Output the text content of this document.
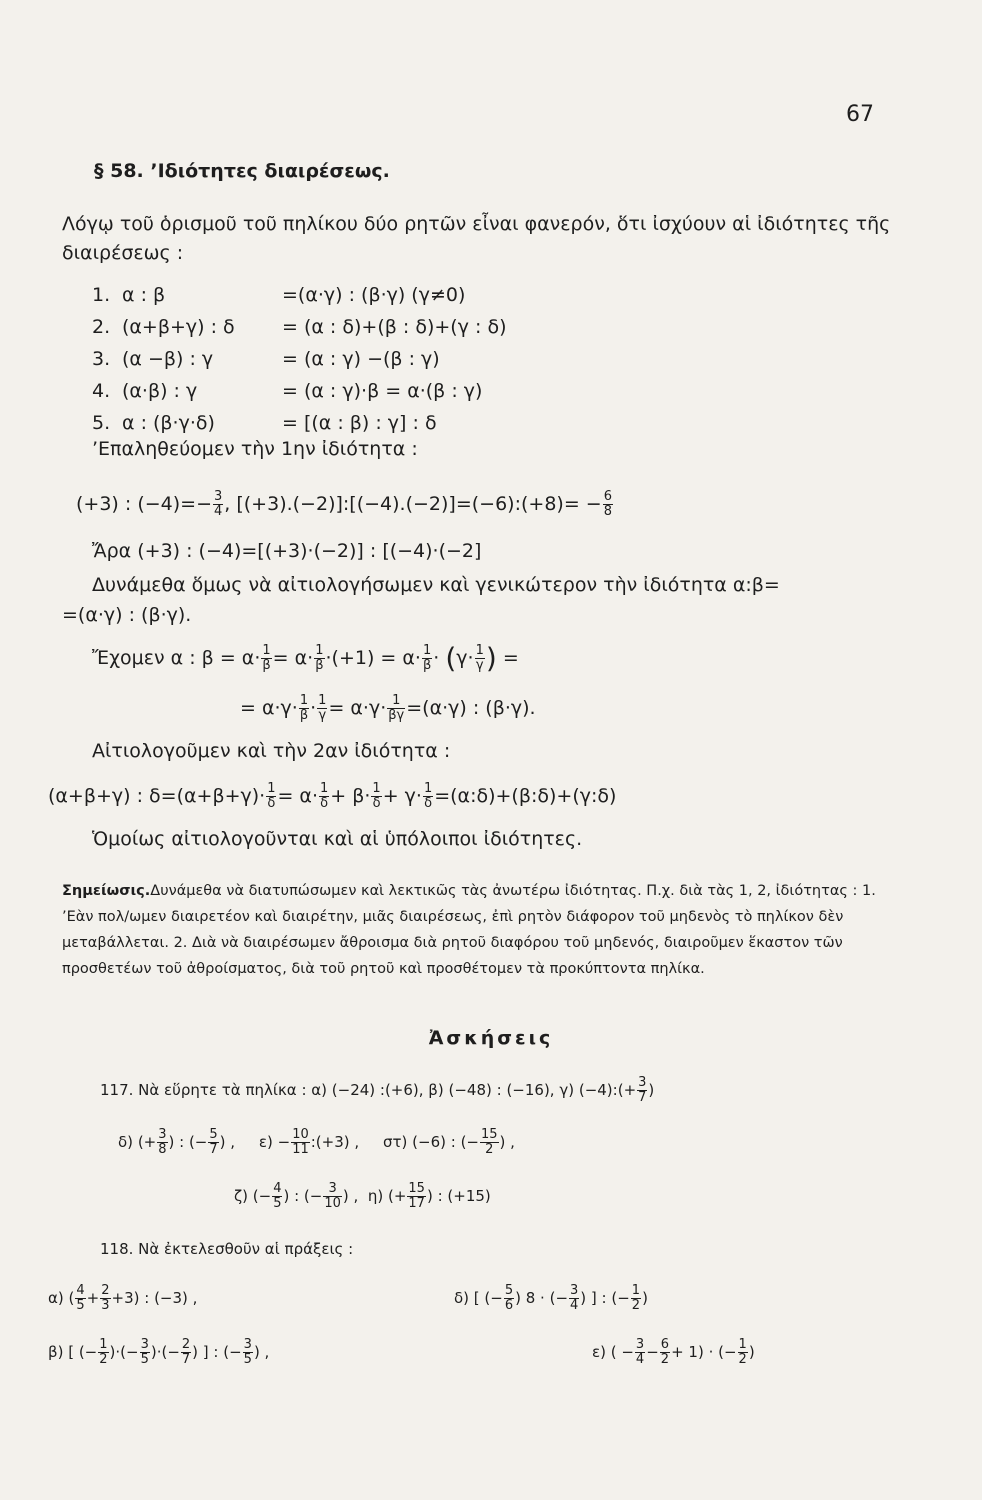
67
§ 58. ’Ιδιότητες διαιρέσεως.
Λόγῳ τοῦ ὁρισμοῦ τοῦ πηλίκου δύο ρητῶν εἶναι φανερόν, ὅτι ἰσχύουν αἱ ἰδιότητες τῆς διαιρέσεως :
1. α : β	=(α·γ) : (β·γ) (γ≠0)
2. (α+β+γ) : δ = (α : δ)+(β : δ)+(γ : δ)
3. (α −β) : γ	= (α : γ) −(β : γ)
4. (α·β) : γ	= (α : γ)·β = α·(β : γ)
5. α : (β·γ·δ)	= [(α : β) : γ] : δ
’Επαληθεύομεν τὴν 1ην ἰδιότητα :
(+3) : $(-4)=- \frac{3}{4}$ , [(+3).(−2)]:[(−4).(−2)]=(−6):(+8)= − $\frac{6}{8}$
Ἄρα (+3) : (−4)=[(+3)·(−2)] : [(−4)·(−2]
Δυνάμεθα ὅμως νὰ αἰτιολογήσωμεν καὶ γενικώτερον τὴν ἰδιότητα α:β=
=(α·γ) : (β·γ).
Ἔχομεν α : $\beta = \alpha\cdot \frac{1}{\beta} = \alpha\cdot \frac{1}{\beta} \cdot(+1) = \alpha\cdot \frac{1}{\beta} \cdot (\gamma\cdot \frac{1}{\gamma}$ ) =
= $\alpha\cdot\gamma\cdot \frac{1}{\beta} \cdot \frac{1}{\gamma} = \alpha\cdot\gamma\cdot \frac{1}{\beta\gamma} =(\alpha\cdot\gamma)$ : (β·γ).
Αἰτιολογοῦμεν καὶ τὴν 2αν ἰδιότητα :
(α+β+γ) : $\delta=(\alpha+\beta+\gamma)\cdot \frac{1}{\delta} = \alpha\cdot \frac{1}{\delta} + \beta\cdot \frac{1}{\delta} + \gamma\cdot \frac{1}{\delta}$ =(α:δ)+(β:δ)+(γ:δ)
Ὁμοίως αἰτιολογοῦνται καὶ αἱ ὑπόλοιποι ἰδιότητες.
Σημείωσις.Δυνάμεθα νὰ διατυπώσωμεν καὶ λεκτικῶς τὰς ἀνωτέρω ἰδιότητας. Π.χ. διὰ τὰς 1, 2, ἰδιότητας : 1. ’Εὰν πολ/ωμεν διαιρετέον καὶ διαιρέτην, μιᾶς διαιρέσεως, ἐπὶ ρητὸν διάφορον τοῦ μηδενὸς τὸ πηλίκον δὲν μεταβάλλεται. 2. Διὰ νὰ διαιρέσωμεν ἄθροισμα διὰ ρητοῦ διαφόρου τοῦ μηδενός, διαιροῦμεν ἕκαστον τῶν προσθετέων τοῦ ἀθροίσματος, διὰ τοῦ ρητοῦ καὶ προσθέτομεν τὰ προκύπτοντα πηλίκα.
Ἀσκήσεις
117. Νὰ εὕρητε τὰ πηλίκα : α) (−24) :(+6), β) (−48) : (−16), γ) (−4):(+ $\frac{3}{7}$ )
δ) (+ $\frac{3}{8}$ ) : (− $\frac{5}{7}$ ) , $\varepsilon) - \frac{10}{11}$ :(+3) , στ) (−6) : (− $\frac{15}{2}$ ) ,
ζ) (− $\frac{4}{5}$ ) : (− $\frac{3}{10}$ ) , η) (+ $\frac{15}{17}$ ) : (+15)
118. Νὰ ἐκτελεσθοῦν αἱ πράξεις :
α) ( $\frac{4}{5} + \frac{2}{3} +3$) : (−3) ,	δ) [ (− $\frac{5}{6}$ ) 8 · (− $\frac{3}{4}$ ) ] : (− $\frac{1}{2}$ )
β) [ (− $\frac{1}{2}$ )·(− $\frac{3}{5}$ )·(− $\frac{2}{7}$ ) ] : (− $\frac{3}{5}$ ) ,	ε) ( − $\frac{3}{4} - \frac{6}{2} + 1$) · (− $\frac{1}{2}$ )
